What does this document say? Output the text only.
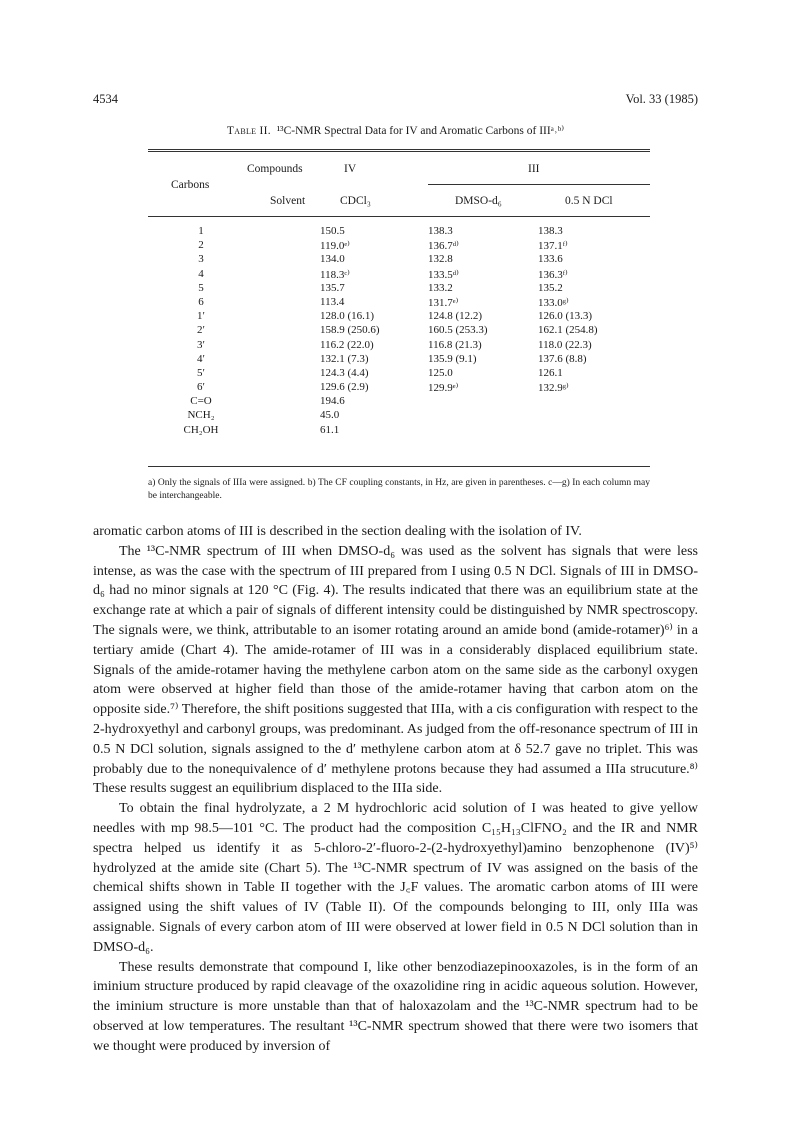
4534	Vol. 33 (1985)
Table II. ¹³C-NMR Spectral Data for IV and Aromatic Carbons of IIIᵃ˒ᵇ⁾
Compounds	IV	III
Carbons
Solvent	CDCl₃	DMSO-d₆	0.5 N DCl
1	150.5	138.3	138.3
2	119.0ᵉ⁾	136.7ᵈ⁾	137.1ᶠ⁾
3	134.0	132.8	133.6
4	118.3ᶜ⁾	133.5ᵈ⁾	136.3ᶠ⁾
5	135.7	133.2	135.2
6	113.4	131.7ᵉ⁾	133.0ᵍ⁾
1′	128.0 (16.1)	124.8 (12.2)	126.0 (13.3)
2′	158.9 (250.6)	160.5 (253.3)	162.1 (254.8)
3′	116.2 (22.0)	116.8 (21.3)	118.0 (22.3)
4′	132.1 (7.3)	135.9 (9.1)	137.6 (8.8)
5′	124.3 (4.4)	125.0	126.1
6′	129.6 (2.9)	129.9ᵉ⁾	132.9ᵍ⁾
C=O	194.6
NCH₂	45.0
CH₂OH	61.1
a) Only the signals of IIIa were assigned. b) The CF coupling constants, in Hz, are given in parentheses. c—g) In each column may be interchangeable.

aromatic carbon atoms of III is described in the section dealing with the isolation of IV.

The ¹³C-NMR spectrum of III when DMSO-d₆ was used as the solvent has signals that were less intense, as was the case with the spectrum of III prepared from I using 0.5 N DCl. Signals of III in DMSO-d₆ had no minor signals at 120 °C (Fig. 4). The results indicated that there was an equilibrium state at the exchange rate at which a pair of signals of different intensity could be distinguished by NMR spectroscopy. The signals were, we think, attributable to an isomer rotating around an amide bond (amide-rotamer)⁶⁾ in a tertiary amide (Chart 4). The amide-rotamer of III was in a considerably displaced equilibrium state. Signals of the amide-rotamer having the methylene carbon atom on the same side as the carbonyl oxygen atom were observed at higher field than those of the amide-rotamer having that carbon atom on the opposite side.⁷⁾ Therefore, the shift positions suggested that IIIa, with a cis configuration with respect to the 2-hydroxyethyl and carbonyl groups, was predominant. As judged from the off-resonance spectrum of III in 0.5 N DCl solution, signals assigned to the d′ methylene carbon atom at δ 52.7 gave no triplet. This was probably due to the nonequivalence of d′ methylene protons because they had assumed a IIIa strucuture.⁸⁾ These results suggest an equilibrium displaced to the IIIa side.

To obtain the final hydrolyzate, a 2 M hydrochloric acid solution of I was heated to give yellow needles with mp 98.5—101 °C. The product had the composition C₁₅H₁₃ClFNO₂ and the IR and NMR spectra helped us identify it as 5-chloro-2′-fluoro-2-(2-hydroxyethyl)amino benzophenone (IV)⁵⁾ hydrolyzed at the amide site (Chart 5). The ¹³C-NMR spectrum of IV was assigned on the basis of the chemical shifts shown in Table II together with the J꜀F values. The aromatic carbon atoms of III were assigned using the shift values of IV (Table II). Of the compounds belonging to III, only IIIa was assignable. Signals of every carbon atom of III were observed at lower field in 0.5 N DCl solution than in DMSO-d₆.

These results demonstrate that compound I, like other benzodiazepinooxazoles, is in the form of an iminium structure produced by rapid cleavage of the oxazolidine ring in acidic aqueous solution. However, the iminium structure is more unstable than that of haloxazolam and the ¹³C-NMR spectrum had to be observed at low temperatures. The resultant ¹³C-NMR spectrum showed that there were two isomers that we thought were produced by inversion of
